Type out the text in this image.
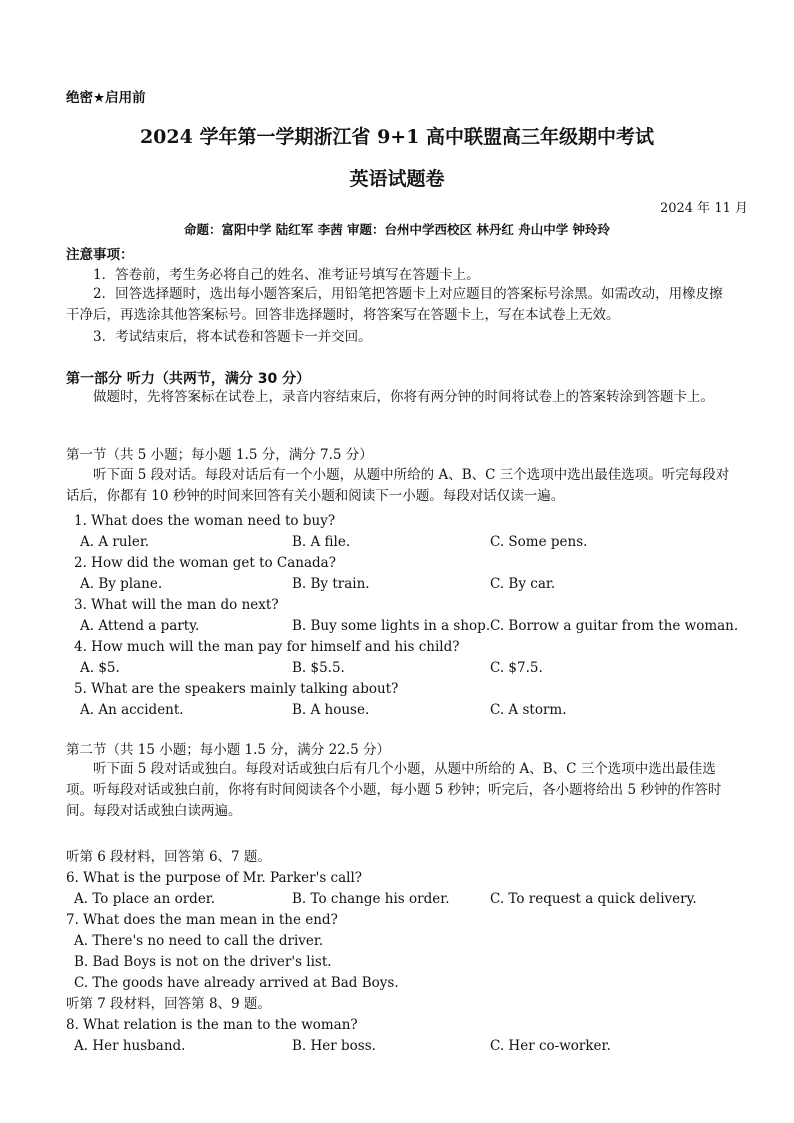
绝密★启用前
2024 学年第一学期浙江省 9+1 高中联盟高三年级期中考试
英语试题卷
2024 年 11 月
命题：富阳中学 陆红军 李茜 审题：台州中学西校区 林丹红 舟山中学 钟玲玲
注意事项：
1．答卷前，考生务必将自己的姓名、准考证号填写在答题卡上。
2．回答选择题时，选出每小题答案后，用铅笔把答题卡上对应题目的答案标号涂黑。如需改动，用橡皮擦干净后，再选涂其他答案标号。回答非选择题时，将答案写在答题卡上，写在本试卷上无效。
3．考试结束后，将本试卷和答题卡一并交回。
第一部分 听力（共两节，满分 30 分）
做题时，先将答案标在试卷上，录音内容结束后，你将有两分钟的时间将试卷上的答案转涂到答题卡上。
第一节（共 5 小题；每小题 1.5 分，满分 7.5 分）
听下面 5 段对话。每段对话后有一个小题，从题中所给的 A、B、C 三个选项中选出最佳选项。听完每段对话后，你都有 10 秒钟的时间来回答有关小题和阅读下一小题。每段对话仅读一遍。
1. What does the woman need to buy?
A. A ruler.	B. A file.	C. Some pens.
2. How did the woman get to Canada?
A. By plane.	B. By train.	C. By car.
3. What will the man do next?
A. Attend a party.	B. Buy some lights in a shop. C. Borrow a guitar from the woman.
4. How much will the man pay for himself and his child?
A. $5.	B. $5.5.	C. $7.5.
5. What are the speakers mainly talking about?
A. An accident.	B. A house.	C. A storm.
第二节（共 15 小题；每小题 1.5 分，满分 22.5 分）
听下面 5 段对话或独白。每段对话或独白后有几个小题，从题中所给的 A、B、C 三个选项中选出最佳选项。听每段对话或独白前，你将有时间阅读各个小题，每小题 5 秒钟；听完后，各小题将给出 5 秒钟的作答时间。每段对话或独白读两遍。
听第 6 段材料，回答第 6、7 题。
6. What is the purpose of Mr. Parker's call?
A. To place an order.	B. To change his order.	C. To request a quick delivery.
7. What does the man mean in the end?
A. There's no need to call the driver.
B. Bad Boys is not on the driver's list.
C. The goods have already arrived at Bad Boys.
听第 7 段材料，回答第 8、9 题。
8. What relation is the man to the woman?
A. Her husband.	B. Her boss.	C. Her co-worker.
